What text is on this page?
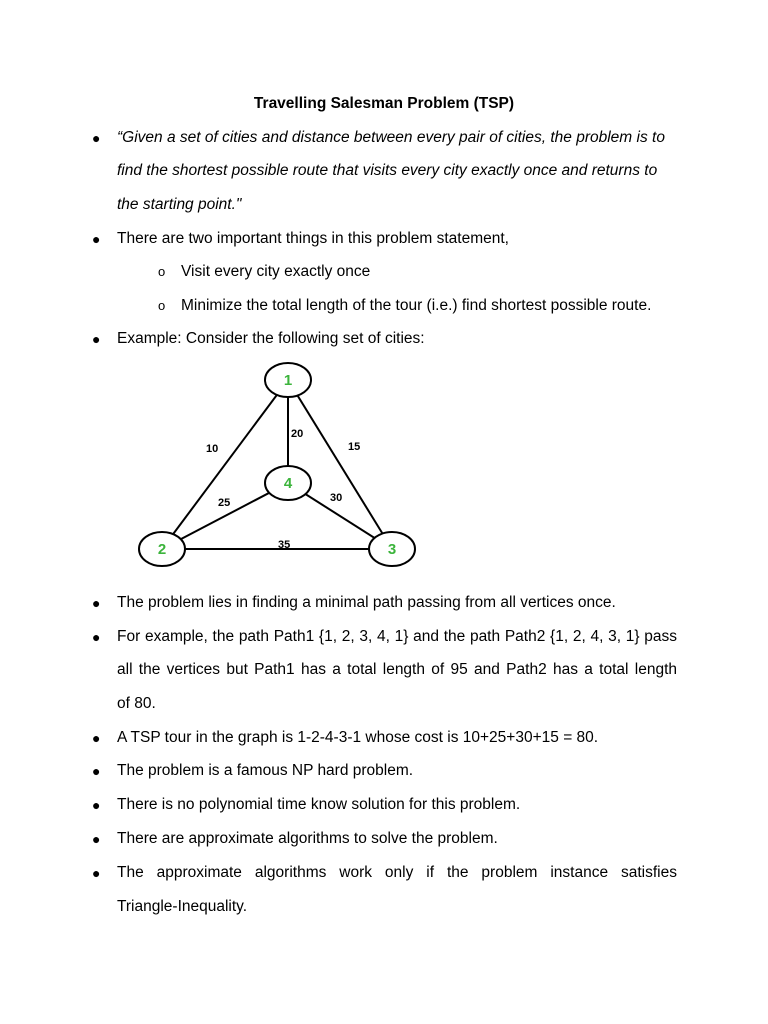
Travelling Salesman Problem (TSP)
● “Given a set of cities and distance between every pair of cities, the problem is to
find the shortest possible route that visits every city exactly once and returns to
the starting point."
● There are two important things in this problem statement,
o Visit every city exactly once
o Minimize the total length of the tour (i.e.) find shortest possible route.
● Example: Consider the following set of cities:
10
20
15
25	30
35
1
2	3
4
● The problem lies in finding a minimal path passing from all vertices once.
● For example, the path Path1 {1, 2, 3, 4, 1} and the path Path2 {1, 2, 4, 3, 1} pass
all the vertices but Path1 has a total length of 95 and Path2 has a total length
of 80.
● A TSP tour in the graph is 1-2-4-3-1 whose cost is 10+25+30+15 = 80.
● The problem is a famous NP hard problem.
● There is no polynomial time know solution for this problem.
● There are approximate algorithms to solve the problem.
● The approximate algorithms work only if the problem instance satisfies
Triangle-Inequality.
